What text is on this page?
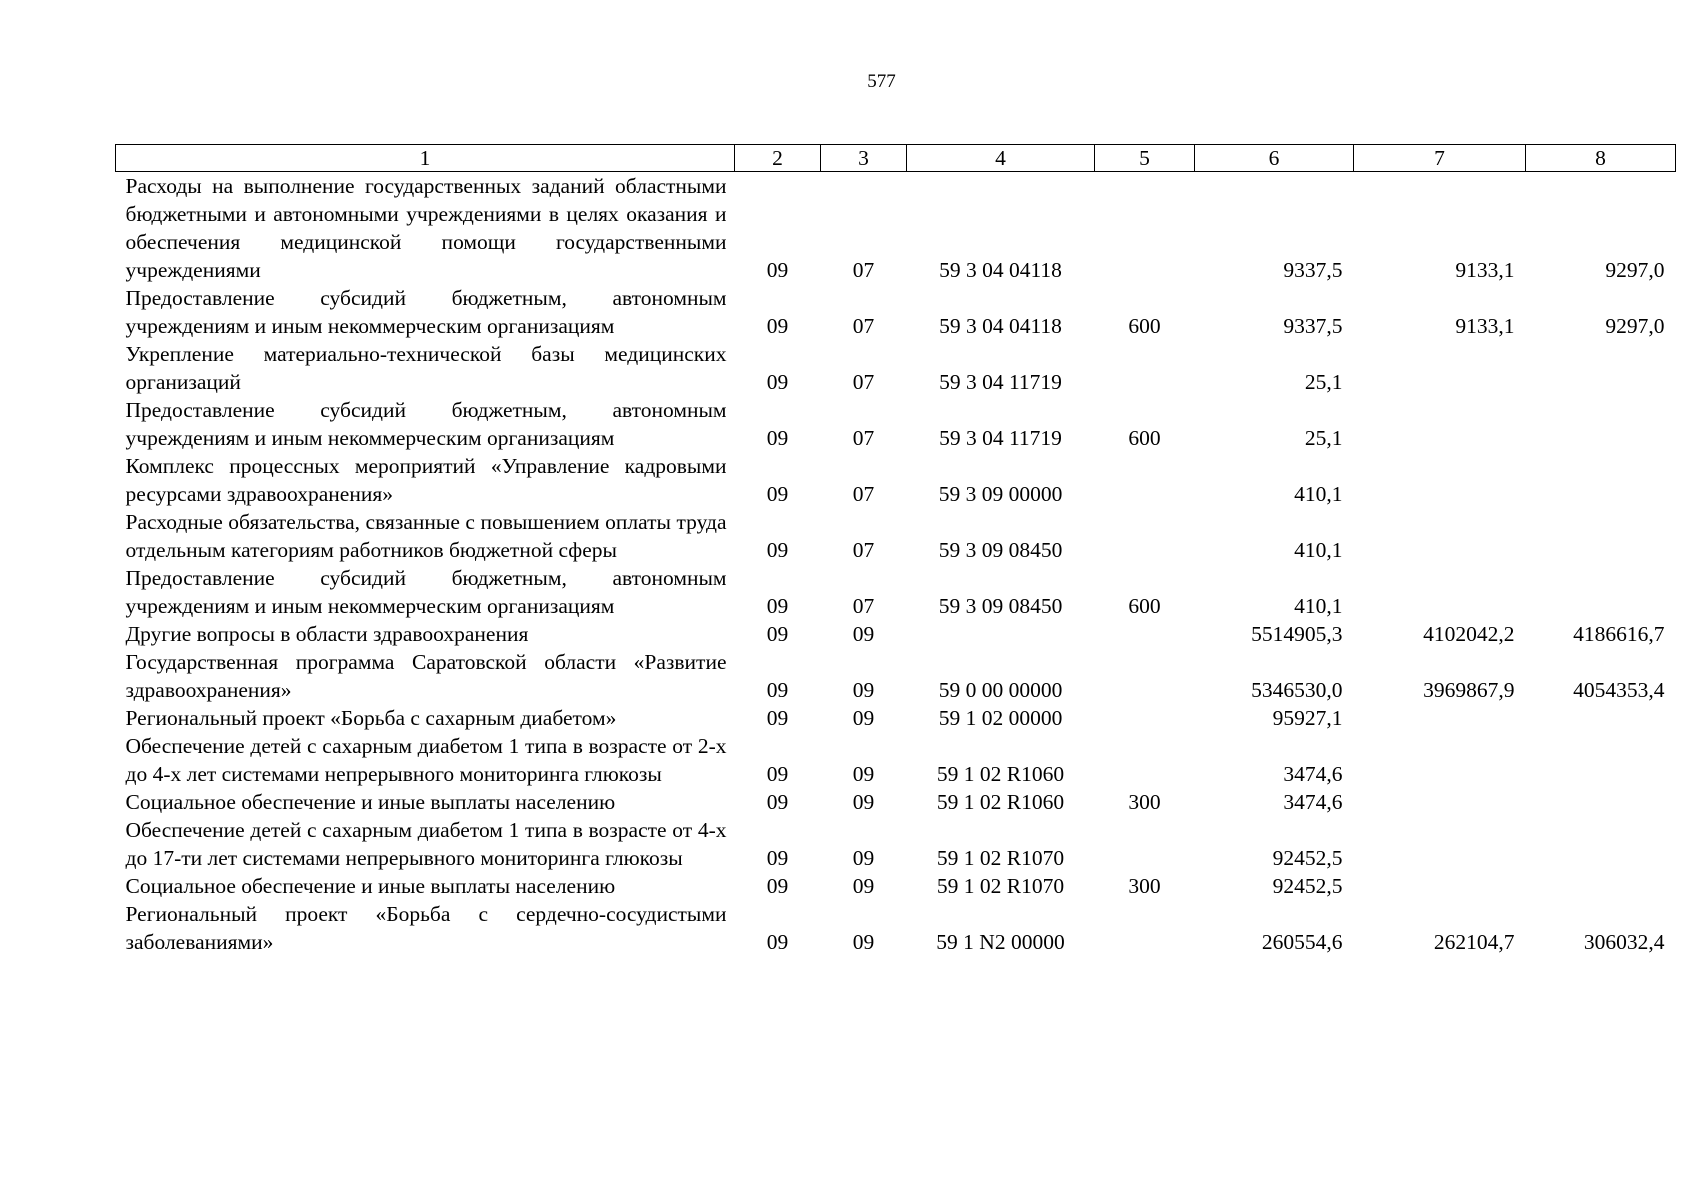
577
1	2	3	4	5	6	7	8
Расходы на выполнение государственных заданий областными бюджетными и автономными учреждениями в целях оказания и обеспечения медицинской помощи государственными учреждениями	09	07	59 3 04 04118		9337,5	9133,1	9297,0
Предоставление субсидий бюджетным, автономным учреждениям и иным некоммерческим организациям	09	07	59 3 04 04118	600	9337,5	9133,1	9297,0
Укрепление материально-технической базы медицинских организаций	09	07	59 3 04 11719		25,1		
Предоставление субсидий бюджетным, автономным учреждениям и иным некоммерческим организациям	09	07	59 3 04 11719	600	25,1		
Комплекс процессных мероприятий «Управление кадровыми ресурсами здравоохранения»	09	07	59 3 09 00000		410,1		
Расходные обязательства, связанные с повышением оплаты труда отдельным категориям работников бюджетной сферы	09	07	59 3 09 08450		410,1		
Предоставление субсидий бюджетным, автономным учреждениям и иным некоммерческим организациям	09	07	59 3 09 08450	600	410,1		
Другие вопросы в области здравоохранения	09	09			5514905,3	4102042,2	4186616,7
Государственная программа Саратовской области «Развитие здравоохранения»	09	09	59 0 00 00000		5346530,0	3969867,9	4054353,4
Региональный проект «Борьба с сахарным диабетом»	09	09	59 1 02 00000		95927,1		
Обеспечение детей с сахарным диабетом 1 типа в возрасте от 2-х до 4-х лет системами непрерывного мониторинга глюкозы	09	09	59 1 02 R1060		3474,6		
Социальное обеспечение и иные выплаты населению	09	09	59 1 02 R1060	300	3474,6		
Обеспечение детей с сахарным диабетом 1 типа в возрасте от 4-х до 17-ти лет системами непрерывного мониторинга глюкозы	09	09	59 1 02 R1070		92452,5		
Социальное обеспечение и иные выплаты населению	09	09	59 1 02 R1070	300	92452,5		
Региональный проект «Борьба с сердечно-сосудистыми заболеваниями»	09	09	59 1 N2 00000		260554,6	262104,7	306032,4
